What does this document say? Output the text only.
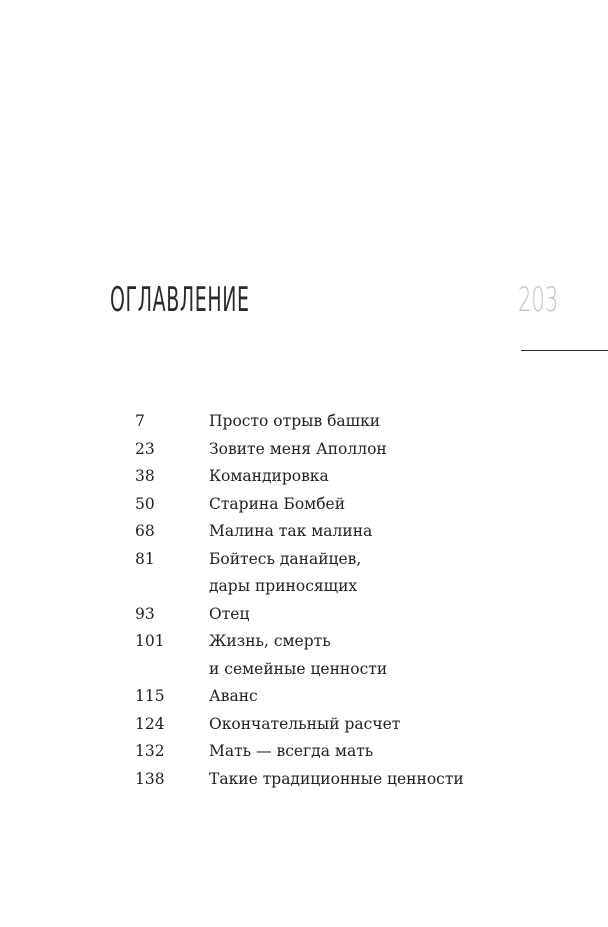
ОГЛАВЛЕНИЕ	203
7	Просто отрыв башки
23	Зовите меня Аполлон
38	Командировка
50	Старина Бомбей
68	Малина так малина
81	Бойтесь данайцев,
дары приносящих
93	Отец
101	Жизнь, смерть
и семейные ценности
115	Аванс
124	Окончательный расчет
132	Мать — всегда мать
138	Такие традиционные ценности
